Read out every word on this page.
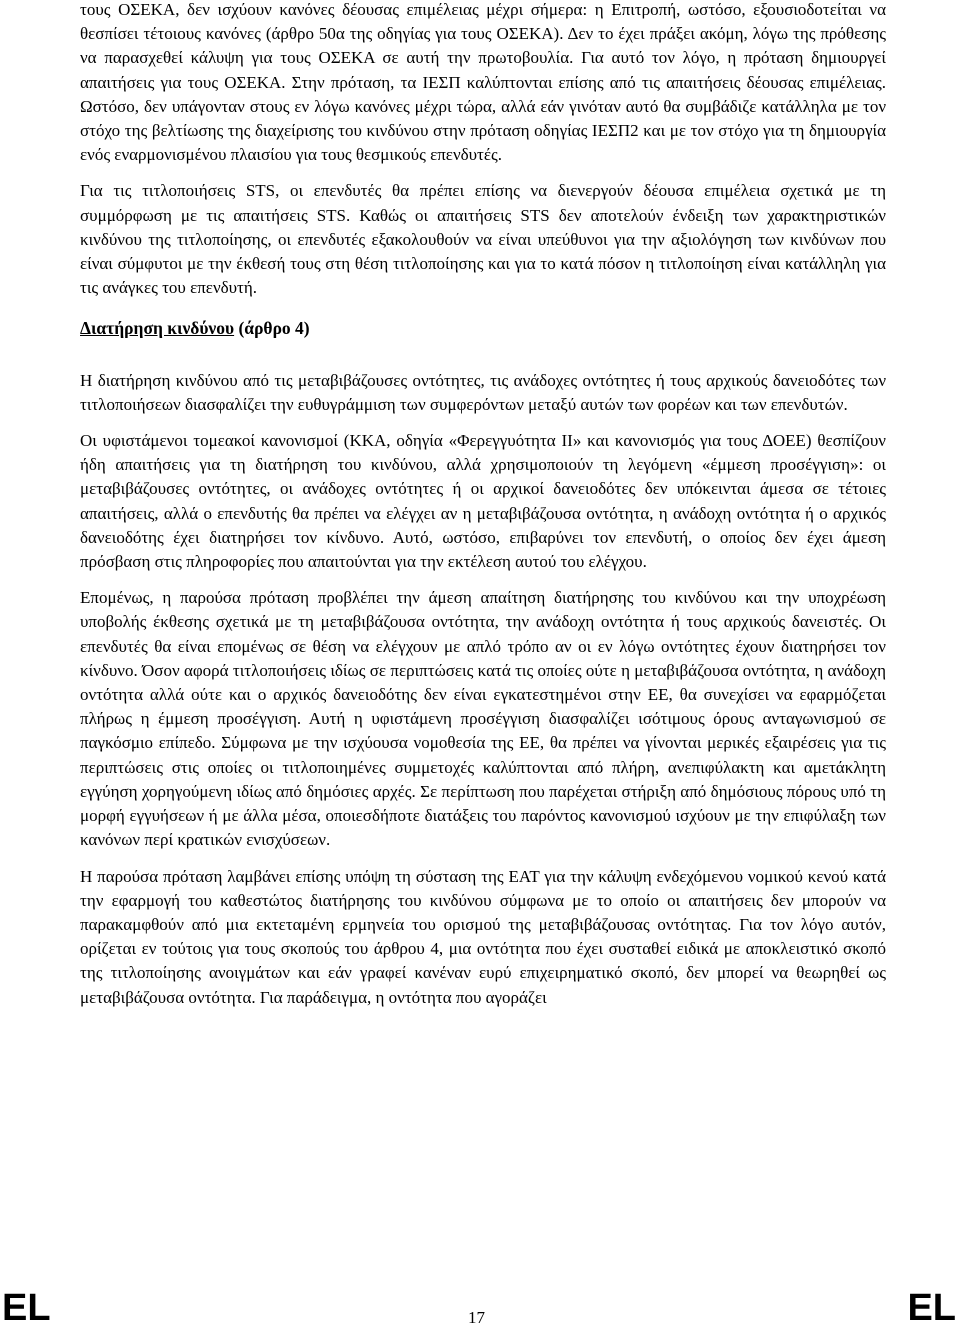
τους ΟΣΕΚΑ, δεν ισχύουν κανόνες δέουσας επιμέλειας μέχρι σήμερα: η Επιτροπή, ωστόσο, εξουσιοδοτείται να θεσπίσει τέτοιους κανόνες (άρθρο 50α της οδηγίας για τους ΟΣΕΚΑ). Δεν το έχει πράξει ακόμη, λόγω της πρόθεσης να παρασχεθεί κάλυψη για τους ΟΣΕΚΑ σε αυτή την πρωτοβουλία. Για αυτό τον λόγο, η πρόταση δημιουργεί απαιτήσεις για τους ΟΣΕΚΑ. Στην πρόταση, τα ΙΕΣΠ καλύπτονται επίσης από τις απαιτήσεις δέουσας επιμέλειας. Ωστόσο, δεν υπάγονταν στους εν λόγω κανόνες μέχρι τώρα, αλλά εάν γινόταν αυτό θα συμβάδιζε κατάλληλα με τον στόχο της βελτίωσης της διαχείρισης του κινδύνου στην πρόταση οδηγίας ΙΕΣΠ2 και με τον στόχο για τη δημιουργία ενός εναρμονισμένου πλαισίου για τους θεσμικούς επενδυτές.

Για τις τιτλοποιήσεις STS, οι επενδυτές θα πρέπει επίσης να διενεργούν δέουσα επιμέλεια σχετικά με τη συμμόρφωση με τις απαιτήσεις STS. Καθώς οι απαιτήσεις STS δεν αποτελούν ένδειξη των χαρακτηριστικών κινδύνου της τιτλοποίησης, οι επενδυτές εξακολουθούν να είναι υπεύθυνοι για την αξιολόγηση των κινδύνων που είναι σύμφυτοι με την έκθεσή τους στη θέση τιτλοποίησης και για το κατά πόσον η τιτλοποίηση είναι κατάλληλη για τις ανάγκες του επενδυτή.

Διατήρηση κινδύνου (άρθρο 4)

Η διατήρηση κινδύνου από τις μεταβιβάζουσες οντότητες, τις ανάδοχες οντότητες ή τους αρχικούς δανειοδότες των τιτλοποιήσεων διασφαλίζει την ευθυγράμμιση των συμφερόντων μεταξύ αυτών των φορέων και των επενδυτών.

Οι υφιστάμενοι τομεακοί κανονισμοί (ΚΚΑ, οδηγία «Φερεγγυότητα ΙΙ» και κανονισμός για τους ΔΟΕΕ) θεσπίζουν ήδη απαιτήσεις για τη διατήρηση του κινδύνου, αλλά χρησιμοποιούν τη λεγόμενη «έμμεση προσέγγιση»: οι μεταβιβάζουσες οντότητες, οι ανάδοχες οντότητες ή οι αρχικοί δανειοδότες δεν υπόκεινται άμεσα σε τέτοιες απαιτήσεις, αλλά ο επενδυτής θα πρέπει να ελέγχει αν η μεταβιβάζουσα οντότητα, η ανάδοχη οντότητα ή ο αρχικός δανειοδότης έχει διατηρήσει τον κίνδυνο. Αυτό, ωστόσο, επιβαρύνει τον επενδυτή, ο οποίος δεν έχει άμεση πρόσβαση στις πληροφορίες που απαιτούνται για την εκτέλεση αυτού του ελέγχου.

Επομένως, η παρούσα πρόταση προβλέπει την άμεση απαίτηση διατήρησης του κινδύνου και την υποχρέωση υποβολής έκθεσης σχετικά με τη μεταβιβάζουσα οντότητα, την ανάδοχη οντότητα ή τους αρχικούς δανειστές. Οι επενδυτές θα είναι επομένως σε θέση να ελέγχουν με απλό τρόπο αν οι εν λόγω οντότητες έχουν διατηρήσει τον κίνδυνο. Όσον αφορά τιτλοποιήσεις ιδίως σε περιπτώσεις κατά τις οποίες ούτε η μεταβιβάζουσα οντότητα, η ανάδοχη οντότητα αλλά ούτε και ο αρχικός δανειοδότης δεν είναι εγκατεστημένοι στην ΕΕ, θα συνεχίσει να εφαρμόζεται πλήρως η έμμεση προσέγγιση. Αυτή η υφιστάμενη προσέγγιση διασφαλίζει ισότιμους όρους ανταγωνισμού σε παγκόσμιο επίπεδο. Σύμφωνα με την ισχύουσα νομοθεσία της ΕΕ, θα πρέπει να γίνονται μερικές εξαιρέσεις για τις περιπτώσεις στις οποίες οι τιτλοποιημένες συμμετοχές καλύπτονται από πλήρη, ανεπιφύλακτη και αμετάκλητη εγγύηση χορηγούμενη ιδίως από δημόσιες αρχές. Σε περίπτωση που παρέχεται στήριξη από δημόσιους πόρους υπό τη μορφή εγγυήσεων ή με άλλα μέσα, οποιεσδήποτε διατάξεις του παρόντος κανονισμού ισχύουν με την επιφύλαξη των κανόνων περί κρατικών ενισχύσεων.

Η παρούσα πρόταση λαμβάνει επίσης υπόψη τη σύσταση της ΕΑΤ για την κάλυψη ενδεχόμενου νομικού κενού κατά την εφαρμογή του καθεστώτος διατήρησης του κινδύνου σύμφωνα με το οποίο οι απαιτήσεις δεν μπορούν να παρακαμφθούν από μια εκτεταμένη ερμηνεία του ορισμού της μεταβιβάζουσας οντότητας. Για τον λόγο αυτόν, ορίζεται εν τούτοις για τους σκοπούς του άρθρου 4, μια οντότητα που έχει συσταθεί ειδικά με αποκλειστικό σκοπό της τιτλοποίησης ανοιγμάτων και εάν γραφεί κανέναν ευρύ επιχειρηματικό σκοπό, δεν μπορεί να θεωρηθεί ως μεταβιβάζουσα οντότητα. Για παράδειγμα, η οντότητα που αγοράζει

EL	17	EL
